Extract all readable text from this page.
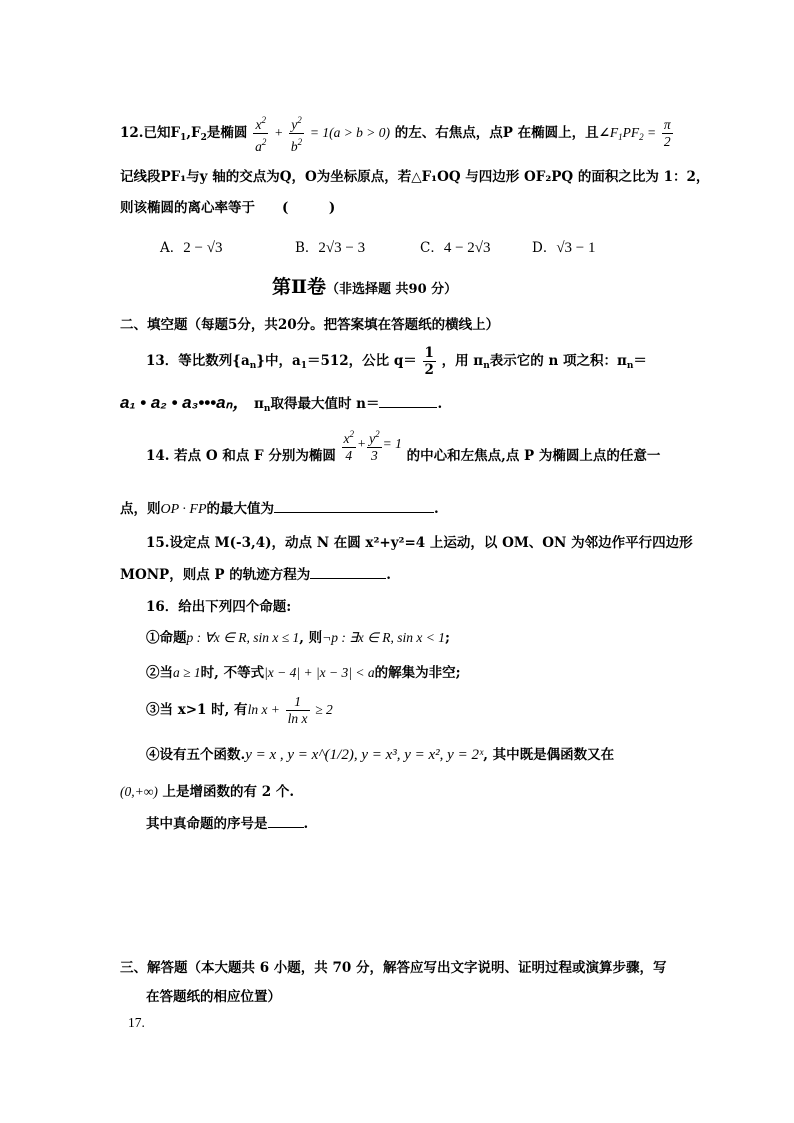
12.已知$F_1,F_2$是椭圆 $\frac{x^2}{a^2} + \frac{y^2}{b^2} = 1(a > b > 0)$ 的左、右焦点，点P 在椭圆上，且$\angle F_1PF_2 = \frac{\pi}{2}$
记线段PF₁与y 轴的交点为Q，O为坐标原点，若△F₁OQ 与四边形 OF₂PQ 的面积之比为 1：2，
则该椭圆的离心率等于　　(　　　)
A．2 − √3	B．2√3 − 3	C．4 − 2√3	D．√3 − 1
第Ⅱ卷（非选择题 共90 分）
二、填空题（每题5分，共20分。把答案填在答题纸的横线上）
13．等比数列$\{a_n\}$中，$a_1=512$，公比 $q= \frac{1}{2}$ ，用 $\pi_n$表示它的 n 项之积：$\pi_n=$
a₁ • a₂ • a₃•••aₙ， $\pi_n$取得最大值时 n＝	.
14. 若点 O 和点 F 分别为椭圆 $\frac{x^2}{4} + \frac{y^2}{3} = 1$ 的中心和左焦点,点 P 为椭圆上点的任意一
点，则OP · FP的最大值为	.
15.设定点 M(-3,4)，动点 N 在圆 x²+y²=4 上运动，以 OM、ON 为邻边作平行四边形
MONP，则点 P 的轨迹方程为	.
16．给出下列四个命题:
①命题p : ∀x ∈ R, sin x ≤ 1, 则¬p : ∃x ∈ R, sin x < 1;
②当a ≥ 1时, 不等式|x − 4| + |x − 3| < a的解集为非空;
③当 x>1 时, 有$\ln x + \frac{1}{\text{ln x}} \ge 2$
④设有五个函数.y = x , y = x^(1/2), y = x³, y = x², y = 2ˣ, 其中既是偶函数又在
(0,+∞) 上是增函数的有 2 个.
其中真命题的序号是	.
三、解答题（本大题共 6 小题，共 70 分，解答应写出文字说明、证明过程或演算步骤，写
在答题纸的相应位置）
17.
